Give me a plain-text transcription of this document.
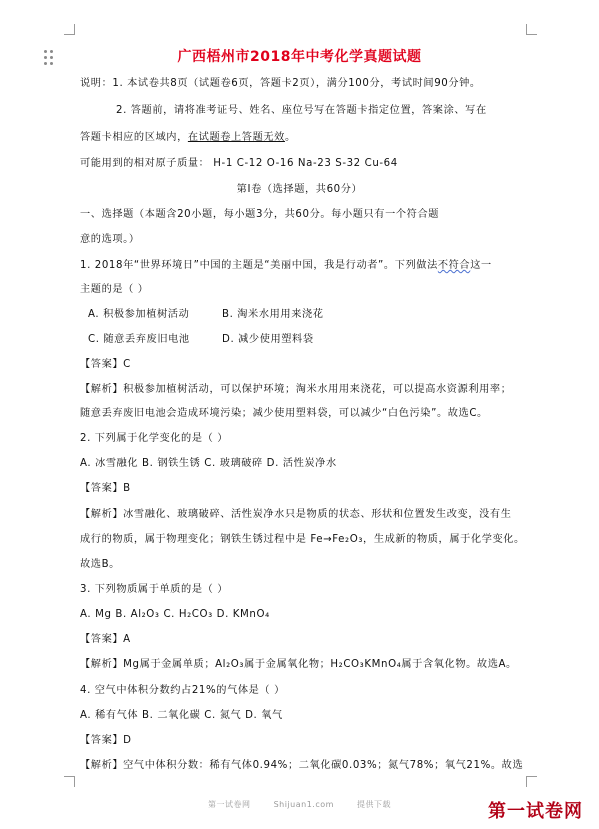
广西梧州市2018年中考化学真题试题
说明：1. 本试卷共8页（试题卷6页，答题卡2页），满分100分，考试时间90分钟。
2. 答题前，请将准考证号、姓名、座位号写在答题卡指定位置，答案涂、写在
答题卡相应的区域内，在试题卷上答题无效。
可能用到的相对原子质量： H-1 C-12 O-16 Na-23 S-32 Cu-64
第Ⅰ卷（选择题，共60分）
一、选择题（本题含20小题，每小题3分，共60分。每小题只有一个符合题
意的选项。）
1. 2018年“世界环境日”中国的主题是“美丽中国，我是行动者”。下列做法不符合这一
主题的是（ ）
A. 积极参加植树活动	B. 淘米水用用来浇花
C. 随意丢弃废旧电池	D. 减少使用塑料袋
【答案】C
【解析】积极参加植树活动，可以保护环境；淘米水用用来浇花，可以提高水资源利用率；
随意丢弃废旧电池会造成环境污染；减少使用塑料袋，可以减少“白色污染”。故选C。
2. 下列属于化学变化的是（ ）
A. 冰雪融化 B. 钢铁生锈 C. 玻璃破碎 D. 活性炭净水
【答案】B
【解析】冰雪融化、玻璃破碎、活性炭净水只是物质的状态、形状和位置发生改变，没有生
成行的物质，属于物理变化；钢铁生锈过程中是 Fe→Fe₂O₃，生成新的物质，属于化学变化。
故选B。
3. 下列物质属于单质的是（ ）
A. Mg B. Al₂O₃ C. H₂CO₃ D. KMnO₄
【答案】A
【解析】Mg属于金属单质；Al₂O₃属于金属氧化物；H₂CO₃KMnO₄属于含氧化物。故选A。
4. 空气中体积分数约占21%的气体是（ ）
A. 稀有气体 B. 二氧化碳 C. 氮气 D. 氧气
【答案】D
【解析】空气中体积分数：稀有气体0.94%；二氧化碳0.03%；氮气78%；氧气21%。故选
第一试卷网	Shijuan1.com	提供下载	第一试卷网
